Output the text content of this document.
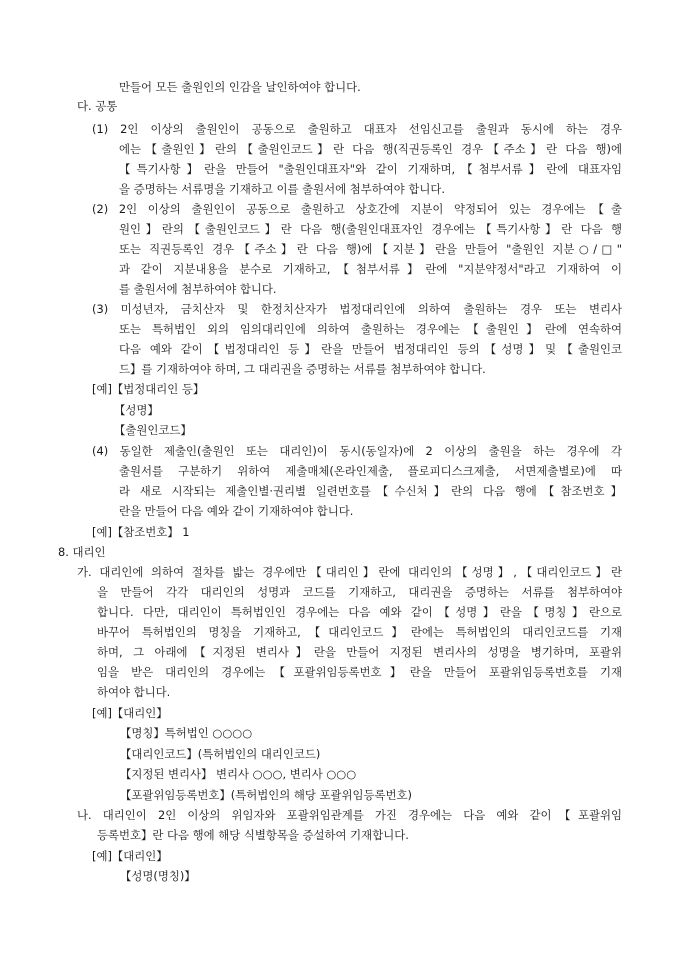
만들어 모든 출원인의 인감을 날인하여야 합니다.
다. 공통
(1) 2인 이상의 출원인이 공동으로 출원하고 대표자 선임신고를 출원과 동시에 하는 경우
에는【출원인】란의【출원인코드】란 다음 행(직권등록인 경우【주소】란 다음 행)에
【특기사항】란을 만들어 "출원인대표자"와 같이 기재하며,【첨부서류】란에 대표자임
을 증명하는 서류명을 기재하고 이를 출원서에 첨부하여야 합니다.
(2) 2인 이상의 출원인이 공동으로 출원하고 상호간에 지분이 약정되어 있는 경우에는【출
원인】란의【출원인코드】란 다음 행(출원인대표자인 경우에는【특기사항】란 다음 행
또는 직권등록인 경우【주소】란 다음 행)에【지분】란을 만들어 "출원인 지분○/□"
과 같이 지분내용을 분수로 기재하고,【첨부서류】란에 "지분약정서"라고 기재하여 이
를 출원서에 첨부하여야 합니다.
(3) 미성년자, 금치산자 및 한정치산자가 법정대리인에 의하여 출원하는 경우 또는 변리사
또는 특허법인 외의 임의대리인에 의하여 출원하는 경우에는【출원인】란에 연속하여
다음 예와 같이【법정대리인 등】란을 만들어 법정대리인 등의【성명】및【출원인코
드】를 기재하여야 하며, 그 대리권을 증명하는 서류를 첨부하여야 합니다.
[예]【법정대리인 등】
【성명】
【출원인코드】
(4) 동일한 제출인(출원인 또는 대리인)이 동시(동일자)에 2 이상의 출원을 하는 경우에 각
출원서를 구분하기 위하여 제출매체(온라인제출, 플로피디스크제출, 서면제출별로)에 따
라 새로 시작되는 제출인별·권리별 일련번호를【수신처】란의 다음 행에【참조번호】
란을 만들어 다음 예와 같이 기재하여야 합니다.
[예]【참조번호】 1
8. 대리인
가. 대리인에 의하여 절차를 밟는 경우에만【대리인】란에 대리인의【성명】,【대리인코드】란
을 만들어 각각 대리인의 성명과 코드를 기재하고, 대리권을 증명하는 서류를 첨부하여야
합니다. 다만, 대리인이 특허법인인 경우에는 다음 예와 같이【성명】란을【명칭】란으로
바꾸어 특허법인의 명칭을 기재하고,【대리인코드】란에는 특허법인의 대리인코드를 기재
하며, 그 아래에【지정된 변리사】란을 만들어 지정된 변리사의 성명을 병기하며, 포괄위
임을 받은 대리인의 경우에는【포괄위임등록번호】란을 만들어 포괄위임등록번호를 기재
하여야 합니다.
[예]【대리인】
【명칭】특허법인 ○○○○
【대리인코드】(특허법인의 대리인코드)
【지정된 변리사】 변리사 ○○○, 변리사 ○○○
【포괄위임등록번호】(특허법인의 해당 포괄위임등록번호)
나. 대리인이 2인 이상의 위임자와 포괄위임관계를 가진 경우에는 다음 예와 같이【포괄위임
등록번호】란 다음 행에 해당 식별항목을 증설하여 기재합니다.
[예]【대리인】
【성명(명칭)】
